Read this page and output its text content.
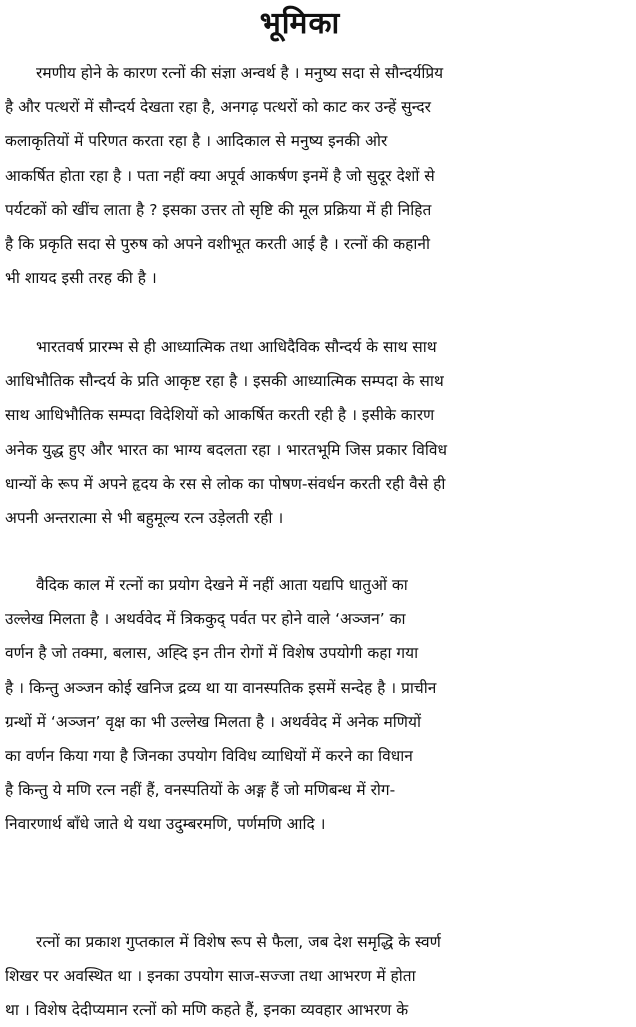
भूमिका
रमणीय होने के कारण रत्नों की संज्ञा अन्वर्थ है । मनुष्य सदा से सौन्दर्यप्रिय
है और पत्थरों में सौन्दर्य देखता रहा है, अनगढ़ पत्थरों को काट कर उन्हें सुन्दर
कलाकृतियों में परिणत करता रहा है । आदिकाल से मनुष्य इनकी ओर
आकर्षित होता रहा है । पता नहीं क्या अपूर्व आकर्षण इनमें है जो सुदूर देशों से
पर्यटकों को खींच लाता है ? इसका उत्तर तो सृष्टि की मूल प्रक्रिया में ही निहित
है कि प्रकृति सदा से पुरुष को अपने वशीभूत करती आई है । रत्नों की कहानी
भी शायद इसी तरह की है ।
भारतवर्ष प्रारम्भ से ही आध्यात्मिक तथा आधिदैविक सौन्दर्य के साथ साथ
आधिभौतिक सौन्दर्य के प्रति आकृष्ट रहा है । इसकी आध्यात्मिक सम्पदा के साथ
साथ आधिभौतिक सम्पदा विदेशियों को आकर्षित करती रही है । इसीके कारण
अनेक युद्ध हुए और भारत का भाग्य बदलता रहा । भारतभूमि जिस प्रकार विविध
धान्यों के रूप में अपने हृदय के रस से लोक का पोषण-संवर्धन करती रही वैसे ही
अपनी अन्तरात्मा से भी बहुमूल्य रत्न उड़ेलती रही ।
वैदिक काल में रत्नों का प्रयोग देखने में नहीं आता यद्यपि धातुओं का
उल्लेख मिलता है । अथर्ववेद में त्रिककुद् पर्वत पर होने वाले ‘अञ्जन’ का
वर्णन है जो तक्मा, बलास, अह्दि इन तीन रोगों में विशेष उपयोगी कहा गया
है । किन्तु अञ्जन कोई खनिज द्रव्य था या वानस्पतिक इसमें सन्देह है । प्राचीन
ग्रन्थों में ‘अञ्जन’ वृक्ष का भी उल्लेख मिलता है । अथर्ववेद में अनेक मणियों
का वर्णन किया गया है जिनका उपयोग विविध व्याधियों में करने का विधान
है किन्तु ये मणि रत्न नहीं हैं, वनस्पतियों के अङ्ग हैं जो मणिबन्ध में रोग-
निवारणार्थ बाँधे जाते थे यथा उदुम्बरमणि, पर्णमणि आदि ।
रत्नों का प्रकाश गुप्तकाल में विशेष रूप से फैला, जब देश समृद्धि के स्वर्ण
शिखर पर अवस्थित था । इनका उपयोग साज-सज्जा तथा आभरण में होता
था । विशेष देदीप्यमान रत्नों को मणि कहते हैं, इनका व्यवहार आभरण के
